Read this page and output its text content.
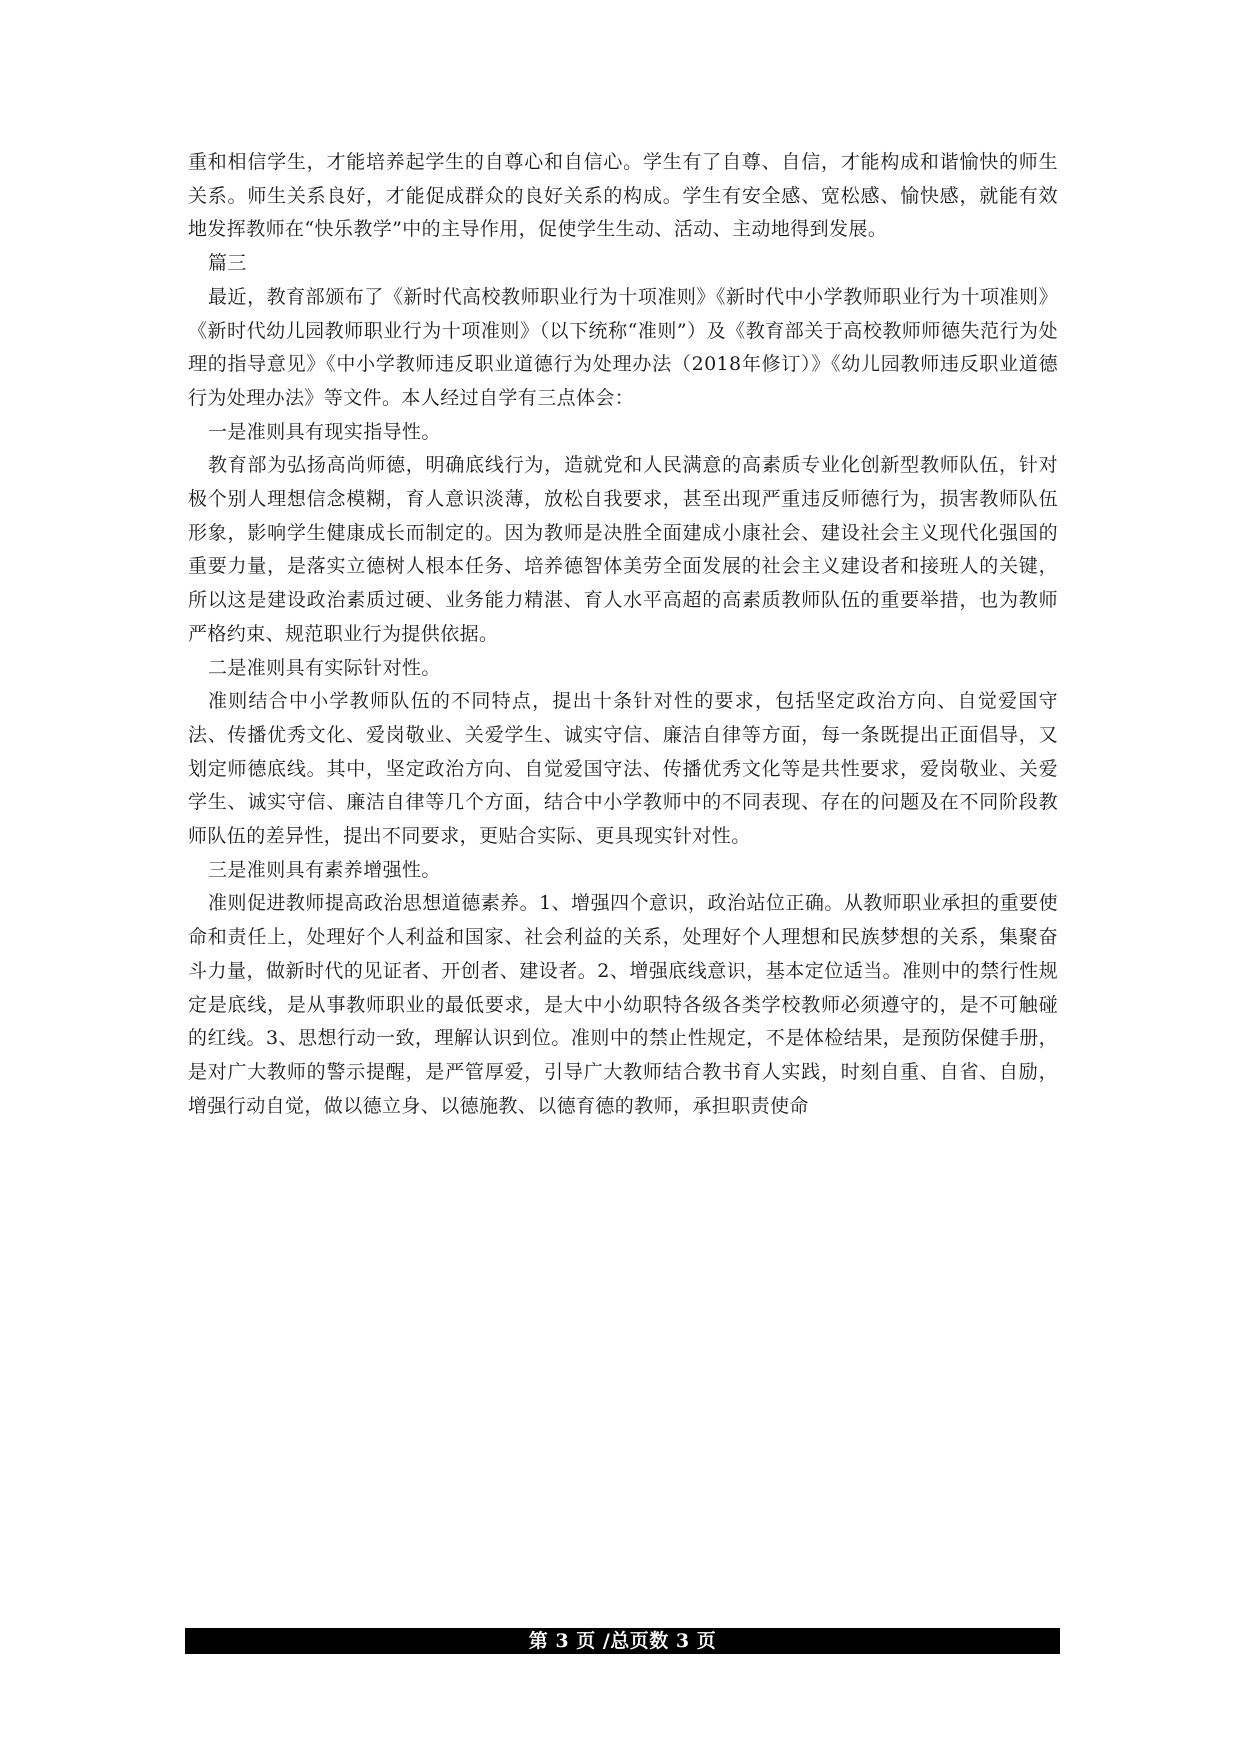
重和相信学生，才能培养起学生的自尊心和自信心。学生有了自尊、自信，才能构成和谐愉快的师生关系。师生关系良好，才能促成群众的良好关系的构成。学生有安全感、宽松感、愉快感，就能有效地发挥教师在“快乐教学”中的主导作用，促使学生生动、活动、主动地得到发展。

篇三

最近，教育部颁布了《新时代高校教师职业行为十项准则》《新时代中小学教师职业行为十项准则》《新时代幼儿园教师职业行为十项准则》（以下统称“准则”）及《教育部关于高校教师师德失范行为处理的指导意见》《中小学教师违反职业道德行为处理办法（2018年修订）》《幼儿园教师违反职业道德行为处理办法》等文件。本人经过自学有三点体会：

一是准则具有现实指导性。

教育部为弘扬高尚师德，明确底线行为，造就党和人民满意的高素质专业化创新型教师队伍，针对极个别人理想信念模糊，育人意识淡薄，放松自我要求，甚至出现严重违反师德行为，损害教师队伍形象，影响学生健康成长而制定的。因为教师是决胜全面建成小康社会、建设社会主义现代化强国的重要力量，是落实立德树人根本任务、培养德智体美劳全面发展的社会主义建设者和接班人的关键，所以这是建设政治素质过硬、业务能力精湛、育人水平高超的高素质教师队伍的重要举措，也为教师严格约束、规范职业行为提供依据。

二是准则具有实际针对性。

准则结合中小学教师队伍的不同特点，提出十条针对性的要求，包括坚定政治方向、自觉爱国守法、传播优秀文化、爱岗敬业、关爱学生、诚实守信、廉洁自律等方面，每一条既提出正面倡导，又划定师德底线。其中，坚定政治方向、自觉爱国守法、传播优秀文化等是共性要求，爱岗敬业、关爱学生、诚实守信、廉洁自律等几个方面，结合中小学教师中的不同表现、存在的问题及在不同阶段教师队伍的差异性，提出不同要求，更贴合实际、更具现实针对性。

三是准则具有素养增强性。

准则促进教师提高政治思想道德素养。1、增强四个意识，政治站位正确。从教师职业承担的重要使命和责任上，处理好个人利益和国家、社会利益的关系，处理好个人理想和民族梦想的关系，集聚奋斗力量，做新时代的见证者、开创者、建设者。2、增强底线意识，基本定位适当。准则中的禁行性规定是底线，是从事教师职业的最低要求，是大中小幼职特各级各类学校教师必须遵守的，是不可触碰的红线。3、思想行动一致，理解认识到位。准则中的禁止性规定，不是体检结果，是预防保健手册，是对广大教师的警示提醒，是严管厚爱，引导广大教师结合教书育人实践，时刻自重、自省、自励，增强行动自觉，做以德立身、以德施教、以德育德的教师，承担职责使命

第 3 页 /总页数 3 页
